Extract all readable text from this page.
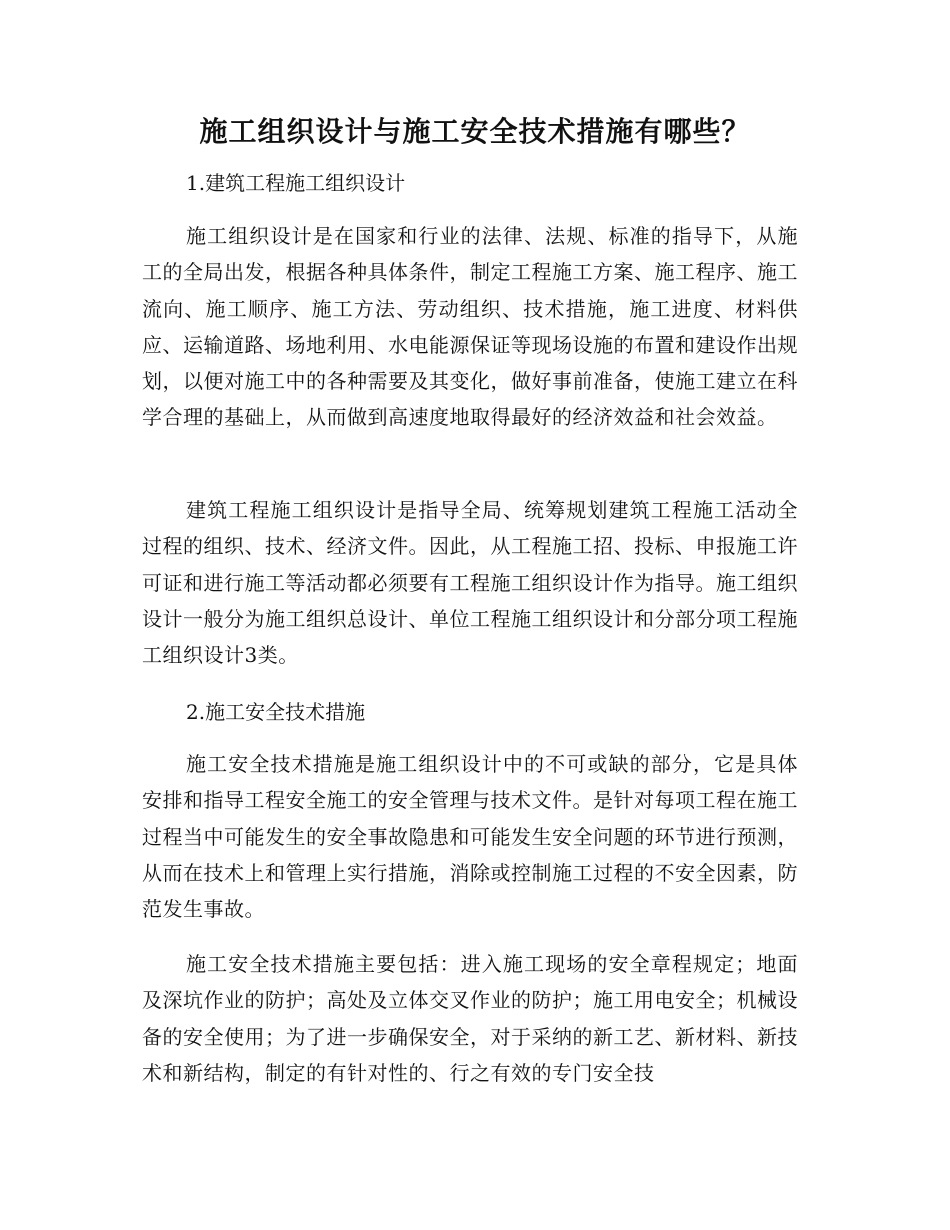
施工组织设计与施工安全技术措施有哪些？
1.建筑工程施工组织设计
施工组织设计是在国家和行业的法律、法规、标准的指导下，从施工的全局出发，根据各种具体条件，制定工程施工方案、施工程序、施工流向、施工顺序、施工方法、劳动组织、技术措施，施工进度、材料供应、运输道路、场地利用、水电能源保证等现场设施的布置和建设作出规划，以便对施工中的各种需要及其变化，做好事前准备，使施工建立在科学合理的基础上，从而做到高速度地取得最好的经济效益和社会效益。
建筑工程施工组织设计是指导全局、统筹规划建筑工程施工活动全过程的组织、技术、经济文件。因此，从工程施工招、投标、申报施工许可证和进行施工等活动都必须要有工程施工组织设计作为指导。施工组织设计一般分为施工组织总设计、单位工程施工组织设计和分部分项工程施工组织设计3类。
2.施工安全技术措施
施工安全技术措施是施工组织设计中的不可或缺的部分，它是具体安排和指导工程安全施工的安全管理与技术文件。是针对每项工程在施工过程当中可能发生的安全事故隐患和可能发生安全问题的环节进行预测，从而在技术上和管理上实行措施，消除或控制施工过程的不安全因素，防范发生事故。
施工安全技术措施主要包括：进入施工现场的安全章程规定；地面及深坑作业的防护；高处及立体交叉作业的防护；施工用电安全；机械设备的安全使用；为了进一步确保安全，对于采纳的新工艺、新材料、新技术和新结构，制定的有针对性的、行之有效的专门安全技
